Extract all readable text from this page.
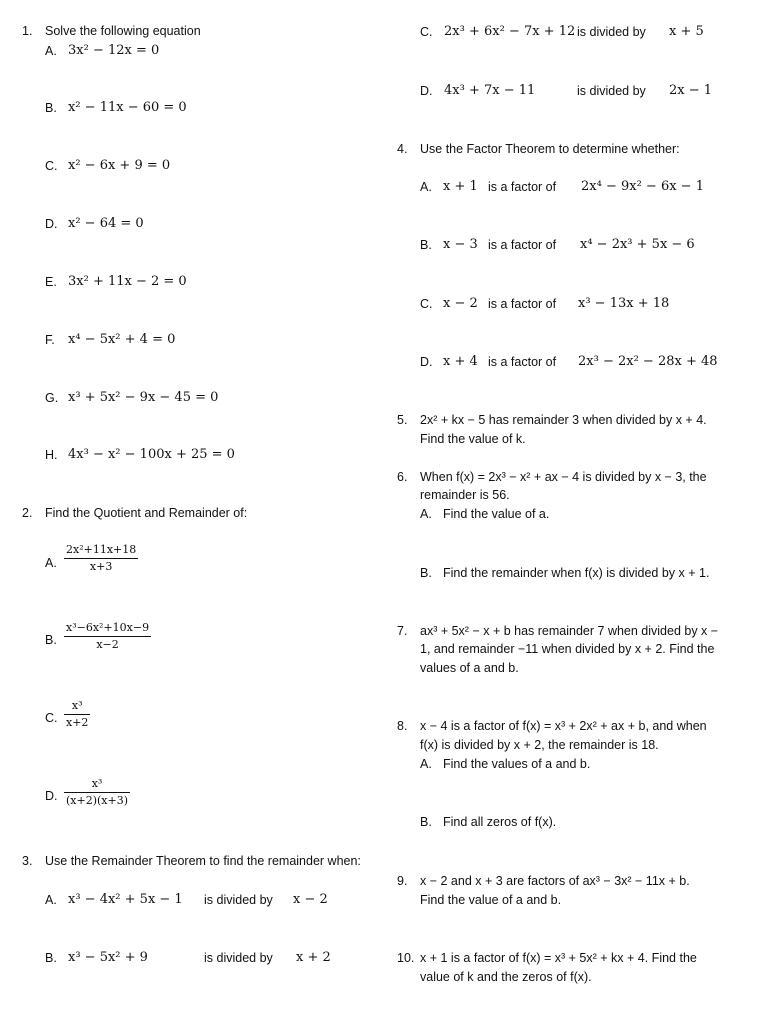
1. Solve the following equation
A. 3x² − 12x = 0
B. x² − 11x − 60 = 0
C. x² − 6x + 9 = 0
D. x² − 64 = 0
E. 3x² + 11x − 2 = 0
F. x⁴ − 5x² + 4 = 0
G. x³ + 5x² − 9x − 45 = 0
H. 4x³ − x² − 100x + 25 = 0
2. Find the Quotient and Remainder of:
A. $\frac{\text{2x²+11x+18}}{x+3}$
B. $\frac{\text{x³−6x²+10x−9}}{x-2}$
C. $\frac{\text{x³}}{x+2}$
D. $\frac{\text{x³}}{(x+2)(x+3)}$
3. Use the Remainder Theorem to find the remainder when:
A. x³ − 4x² + 5x − 1 is divided by x − 2
B. x³ − 5x² + 9	is divided by x + 2
C. 2x³ + 6x² − 7x + 12 is divided by x + 5
D. 4x³ + 7x − 11	is divided by 2x − 1
4. Use the Factor Theorem to determine whether:
A. x + 1 is a factor of 2x⁴ − 9x² − 6x − 1
B. x − 3 is a factor of x⁴ − 2x³ + 5x − 6
C. x − 2 is a factor of x³ − 13x + 18
D. x + 4 is a factor of 2x³ − 2x² − 28x + 48
5. 2x² + kx − 5 has remainder 3 when divided by x + 4.
Find the value of k.
6. When f(x) = 2x³ − x² + ax − 4 is divided by x − 3, the
remainder is 56.
A. Find the value of a.
B. Find the remainder when f(x) is divided by x + 1.
7. ax³ + 5x² − x + b has remainder 7 when divided by x −
1, and remainder −11 when divided by x + 2. Find the
values of a and b.
8. x − 4 is a factor of f(x) = x³ + 2x² + ax + b, and when
f(x) is divided by x + 2, the remainder is 18.
A. Find the values of a and b.
B. Find all zeros of f(x).
9. x − 2 and x + 3 are factors of ax³ − 3x² − 11x + b.
Find the value of a and b.
10. x + 1 is a factor of f(x) = x³ + 5x² + kx + 4. Find the
value of k and the zeros of f(x).
